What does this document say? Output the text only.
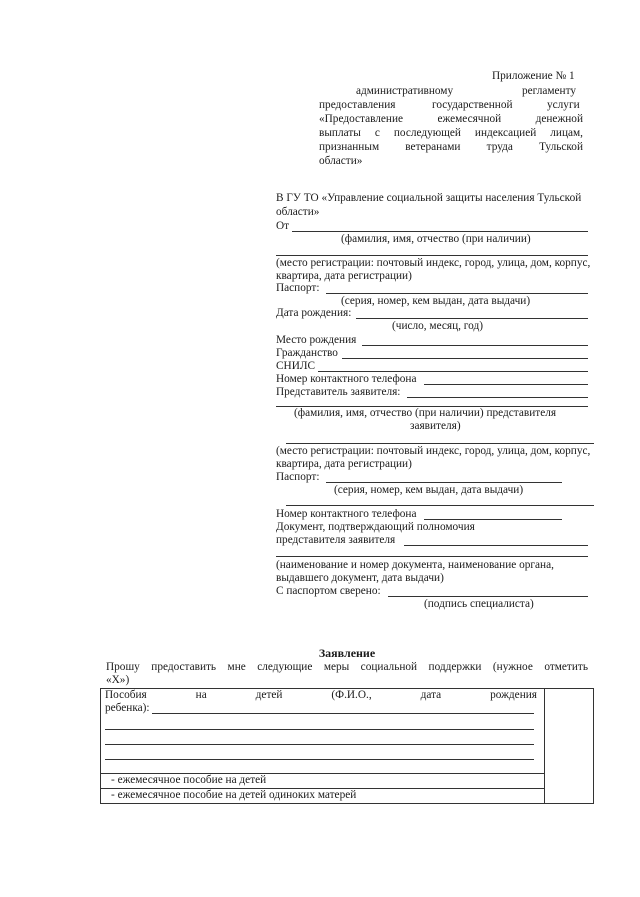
Приложение № 1
административному	регламенту
предоставления	государственной	услуги
«Предоставление ежемесячной денежной
выплаты с последующей индексацией лицам,
признанным ветеранами труда Тульской
области»
В ГУ ТО «Управление социальной защиты населения Тульской
области»
От
(фамилия, имя, отчество (при наличии)
(место регистрации: почтовый индекс, город, улица, дом, корпус,
квартира, дата регистрации)
Паспорт:
(серия, номер, кем выдан, дата выдачи)
Дата рождения:
(число, месяц, год)
Место рождения
Гражданство
СНИЛС
Номер контактного телефона
Представитель заявителя:
(фамилия, имя, отчество (при наличии) представителя
заявителя)
(место регистрации: почтовый индекс, город, улица, дом, корпус,
квартира, дата регистрации)
Паспорт:
(серия, номер, кем выдан, дата выдачи)
Номер контактного телефона
Документ, подтверждающий полномочия
представителя заявителя
(наименование и номер документа, наименование органа,
выдавшего документ, дата выдачи)
С паспортом сверено:
(подпись специалиста)
Заявление
Прошу предоставить мне следующие меры социальной поддержки (нужное отметить
«Х»)
Пособия на детей (Ф.И.О., дата рождения
ребенка):

- ежемесячное пособие на детей
- ежемесячное пособие на детей одиноких матерей
